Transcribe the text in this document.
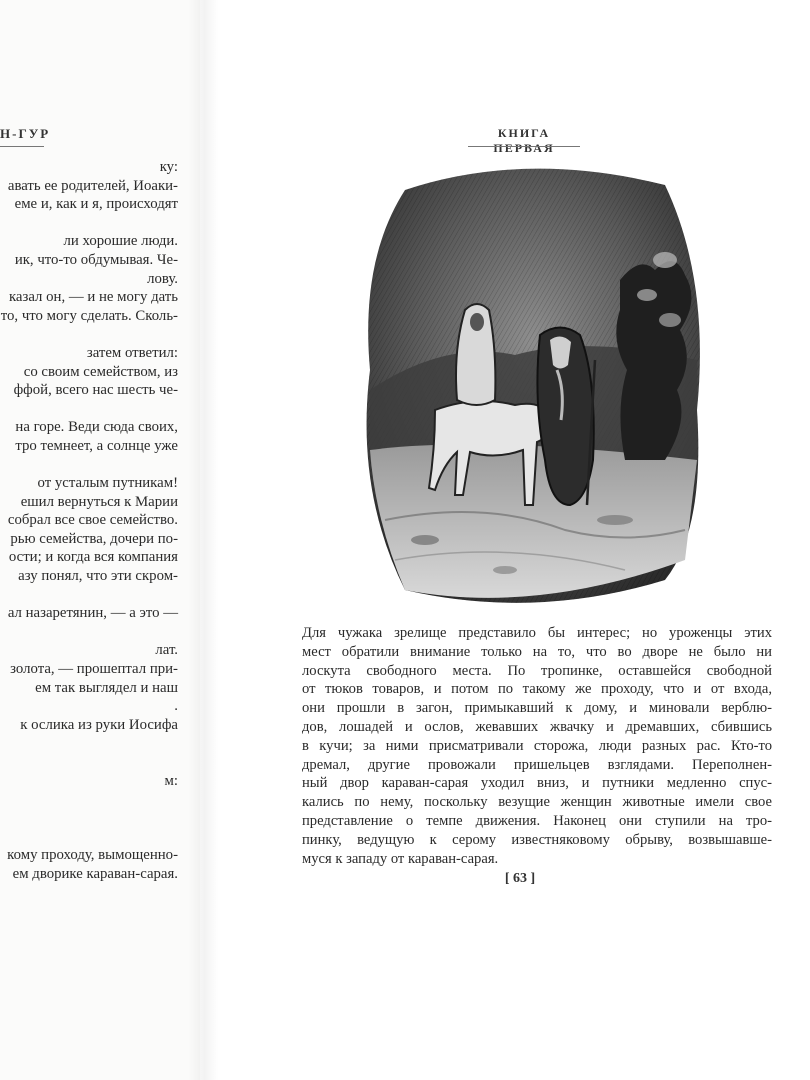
Н-ГУР
ку:
авать ее родителей, Иоаки-
еме и, как и я, происходят

ли хорошие люди.
ик, что-то обдумывая. Че-
лову.
казал он, — и не могу дать
то, что могу сделать. Сколь-

затем ответил:
со своим семейством, из
ффой, всего нас шесть че-

на горе. Веди сюда своих,
тро темнеет, а солнце уже

от усталым путникам!
ешил вернуться к Марии
собрал все свое семейство.
рью семейства, дочери по-
ости; и когда вся компания
азу понял, что эти скром-

ал назаретянин, — а это —

лат.
золота, — прошептал при-
ем так выглядел и наш
.
к ослика из руки Иосифа

м:

кому проходу, вымощенно-
ем дворике караван-сарая.
КНИГА ПЕРВАЯ
Для чужака зрелище представило бы интерес; но уроженцы этих
мест обратили внимание только на то, что во дворе не было ни
лоскута свободного места. По тропинке, оставшейся свободной
от тюков товаров, и потом по такому же проходу, что и от входа,
они прошли в загон, примыкавший к дому, и миновали верблю-
дов, лошадей и ослов, жевавших жвачку и дремавших, сбившись
в кучи; за ними присматривали сторожа, люди разных рас. Кто-то
дремал, другие провожали пришельцев взглядами. Переполнен-
ный двор караван-сарая уходил вниз, и путники медленно спус-
кались по нему, поскольку везущие женщин животные имели свое
представление о темпе движения. Наконец они ступили на тро-
пинку, ведущую к серому известняковому обрыву, возвышавше-
муся к западу от караван-сарая.
[ 63 ]
